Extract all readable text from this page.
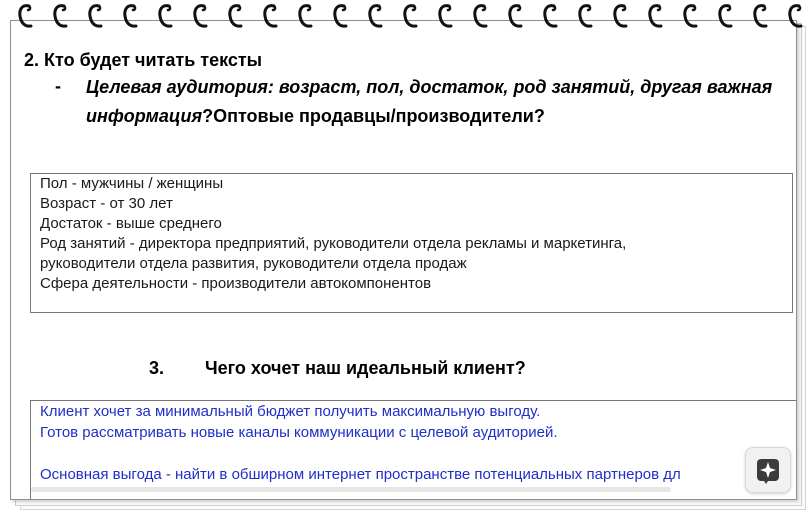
2. Кто будет читать тексты
- Целевая аудитория: возраст, пол, достаток, род занятий, другая важная информация?Оптовые продавцы/производители?
Пол - мужчины / женщины
Возраст - от 30 лет
Достаток - выше среднего
Род занятий - директора предприятий, руководители отдела рекламы и маркетинга,
руководители отдела развития, руководители отдела продаж
Сфера деятельности - производители автокомпонентов
3. Чего хочет наш идеальный клиент?
Клиент хочет за минимальный бюджет получить максимальную выгоду.
Готов рассматривать новые каналы коммуникации с целевой аудиторией.

Основная выгода - найти в обширном интернет пространстве потенциальных партнеров дл
